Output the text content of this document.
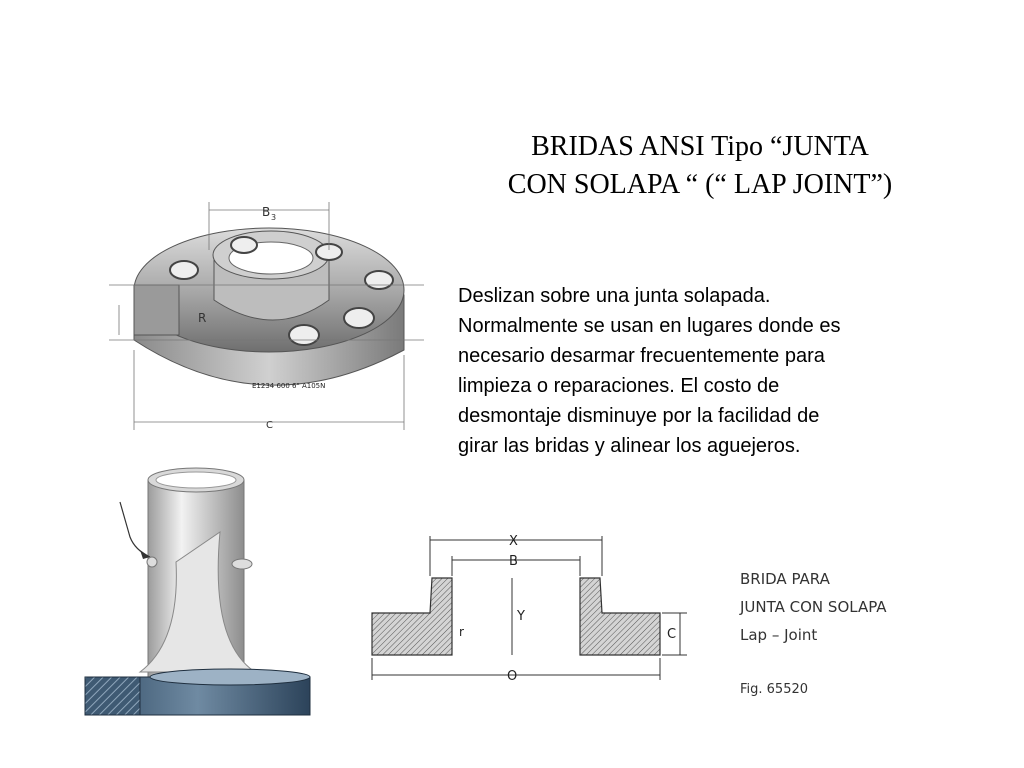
BRIDAS ANSI Tipo “JUNTA
CON SOLAPA “ (“ LAP JOINT”)
Deslizan sobre una junta solapada.
Normalmente se usan en lugares donde es
necesario desarmar frecuentemente para
limpieza o reparaciones. El costo de
desmontaje disminuye por la facilidad de
girar las bridas y alinear los aguejeros.
B 3
R
C
E1234 600 6" A105N
X
B
Y
r	C
O
BRIDA PARA
JUNTA CON SOLAPA
Lap – Joint
Fig. 65520
